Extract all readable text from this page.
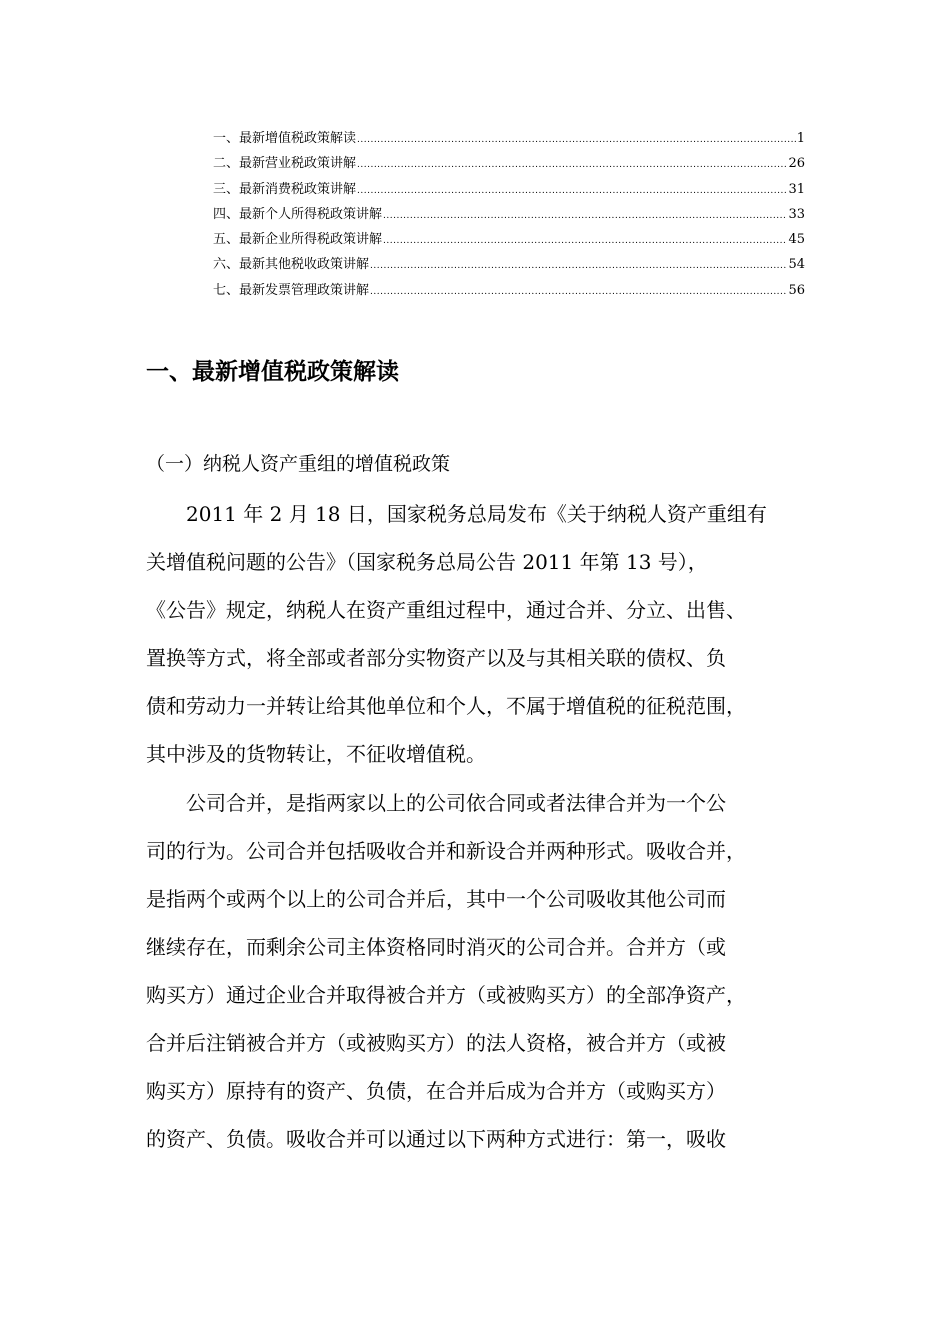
一、最新增值税政策解读 .....	1
二、最新营业税政策讲解 .....	26
三、最新消费税政策讲解 .....	31
四、最新个人所得税政策讲解 .....	33
五、最新企业所得税政策讲解 .....	45
六、最新其他税收政策讲解 .....	54
七、最新发票管理政策讲解 .....	56
一、最新增值税政策解读
（一）纳税人资产重组的增值税政策
2011 年 2 月 18 日，国家税务总局发布《关于纳税人资产重组有
关增值税问题的公告》（国家税务总局公告 2011 年第 13 号），
《公告》规定，纳税人在资产重组过程中，通过合并、分立、出售、
置换等方式，将全部或者部分实物资产以及与其相关联的债权、负
债和劳动力一并转让给其他单位和个人，不属于增值税的征税范围，
其中涉及的货物转让，不征收增值税。
公司合并，是指两家以上的公司依合同或者法律合并为一个公
司的行为。公司合并包括吸收合并和新设合并两种形式。吸收合并，
是指两个或两个以上的公司合并后，其中一个公司吸收其他公司而
继续存在，而剩余公司主体资格同时消灭的公司合并。合并方（或
购买方）通过企业合并取得被合并方（或被购买方）的全部净资产，
合并后注销被合并方（或被购买方）的法人资格，被合并方（或被
购买方）原持有的资产、负债，在合并后成为合并方（或购买方）
的资产、负债。吸收合并可以通过以下两种方式进行：第一，吸收
